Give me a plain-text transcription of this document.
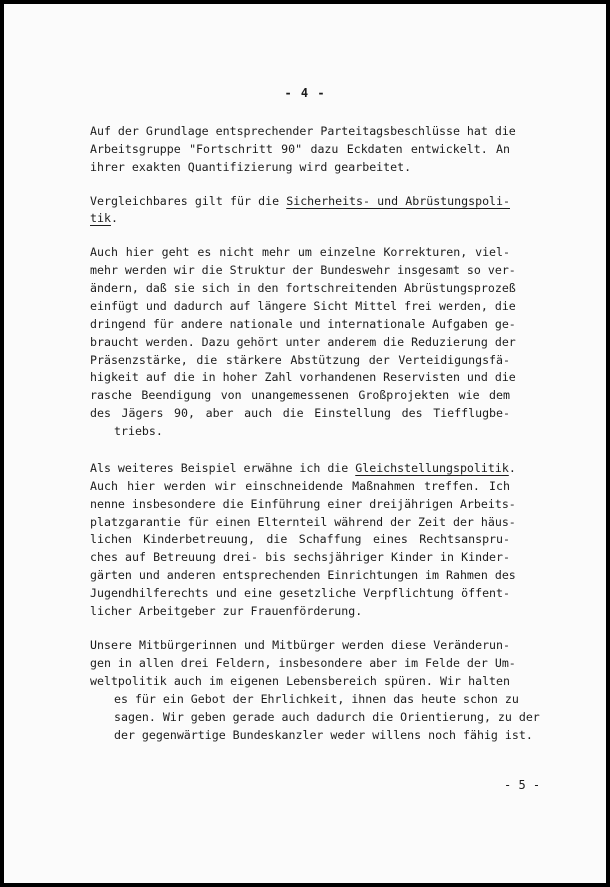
- 4 -
Auf der Grundlage entsprechender Parteitagsbeschlüsse hat die
Arbeitsgruppe "Fortschritt 90" dazu Eckdaten entwickelt. An
ihrer exakten Quantifizierung wird gearbeitet.
Vergleichbares gilt für die Sicherheits- und Abrüstungspoli-
tik.
Auch hier geht es nicht mehr um einzelne Korrekturen, viel-
mehr werden wir die Struktur der Bundeswehr insgesamt so ver-
ändern, daß sie sich in den fortschreitenden Abrüstungsprozeß
einfügt und dadurch auf längere Sicht Mittel frei werden, die
dringend für andere nationale und internationale Aufgaben ge-
braucht werden. Dazu gehört unter anderem die Reduzierung der
Präsenzstärke, die stärkere Abstützung der Verteidigungsfä-
higkeit auf die in hoher Zahl vorhandenen Reservisten und die
rasche Beendigung von unangemessenen Großprojekten wie dem
des Jägers 90, aber auch die Einstellung des Tiefflugbe-
triebs.
Als weiteres Beispiel erwähne ich die Gleichstellungspolitik.
Auch hier werden wir einschneidende Maßnahmen treffen. Ich
nenne insbesondere die Einführung einer dreijährigen Arbeits-
platzgarantie für einen Elternteil während der Zeit der häus-
lichen Kinderbetreuung, die Schaffung eines Rechtsanspru-
ches auf Betreuung drei- bis sechsjähriger Kinder in Kinder-
gärten und anderen entsprechenden Einrichtungen im Rahmen des
Jugendhilferechts und eine gesetzliche Verpflichtung öffent-
licher Arbeitgeber zur Frauenförderung.
Unsere Mitbürgerinnen und Mitbürger werden diese Veränderun-
gen in allen drei Feldern, insbesondere aber im Felde der Um-
weltpolitik auch im eigenen Lebensbereich spüren. Wir halten
es für ein Gebot der Ehrlichkeit, ihnen das heute schon zu
sagen. Wir geben gerade auch dadurch die Orientierung, zu der
der gegenwärtige Bundeskanzler weder willens noch fähig ist.
- 5 -
